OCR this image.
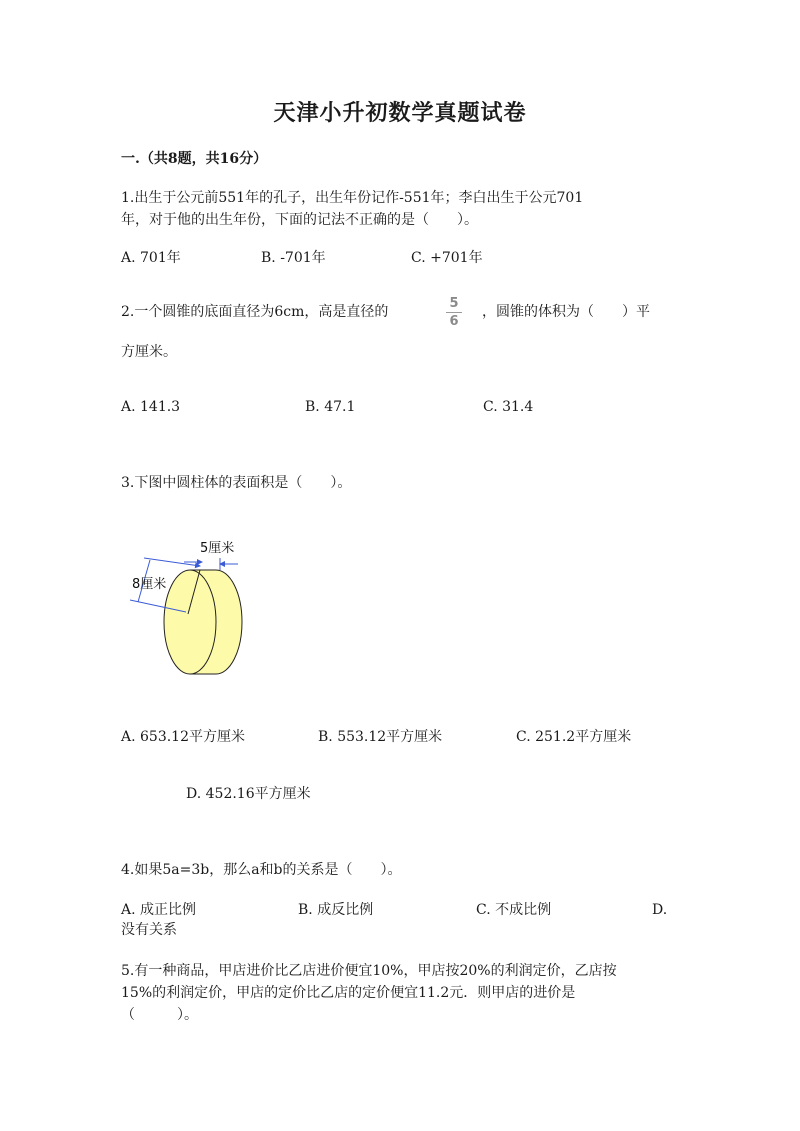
天津小升初数学真题试卷
一.（共8题，共16分）
1.出生于公元前551年的孔子，出生年份记作-551年；李白出生于公元701
年，对于他的出生年份，下面的记法不正确的是（　　）。
A. 701年	B. -701年	C. +701年
2.一个圆锥的底面直径为6cm，高是直径的
5
6
，圆锥的体积为（　　）平
方厘米。
A. 141.3	B. 47.1	C. 31.4
3.下图中圆柱体的表面积是（　　）。
5厘米
8厘米
A. 653.12平方厘米	B. 553.12平方厘米	C. 251.2平方厘米
D. 452.16平方厘米
4.如果5a=3b，那么a和b的关系是（　　）。
A. 成正比例	B. 成反比例	C. 不成比例	D.
没有关系
5.有一种商品，甲店进价比乙店进价便宜10%，甲店按20%的利润定价，乙店按
15%的利润定价，甲店的定价比乙店的定价便宜11.2元．则甲店的进价是
（　　　）。
